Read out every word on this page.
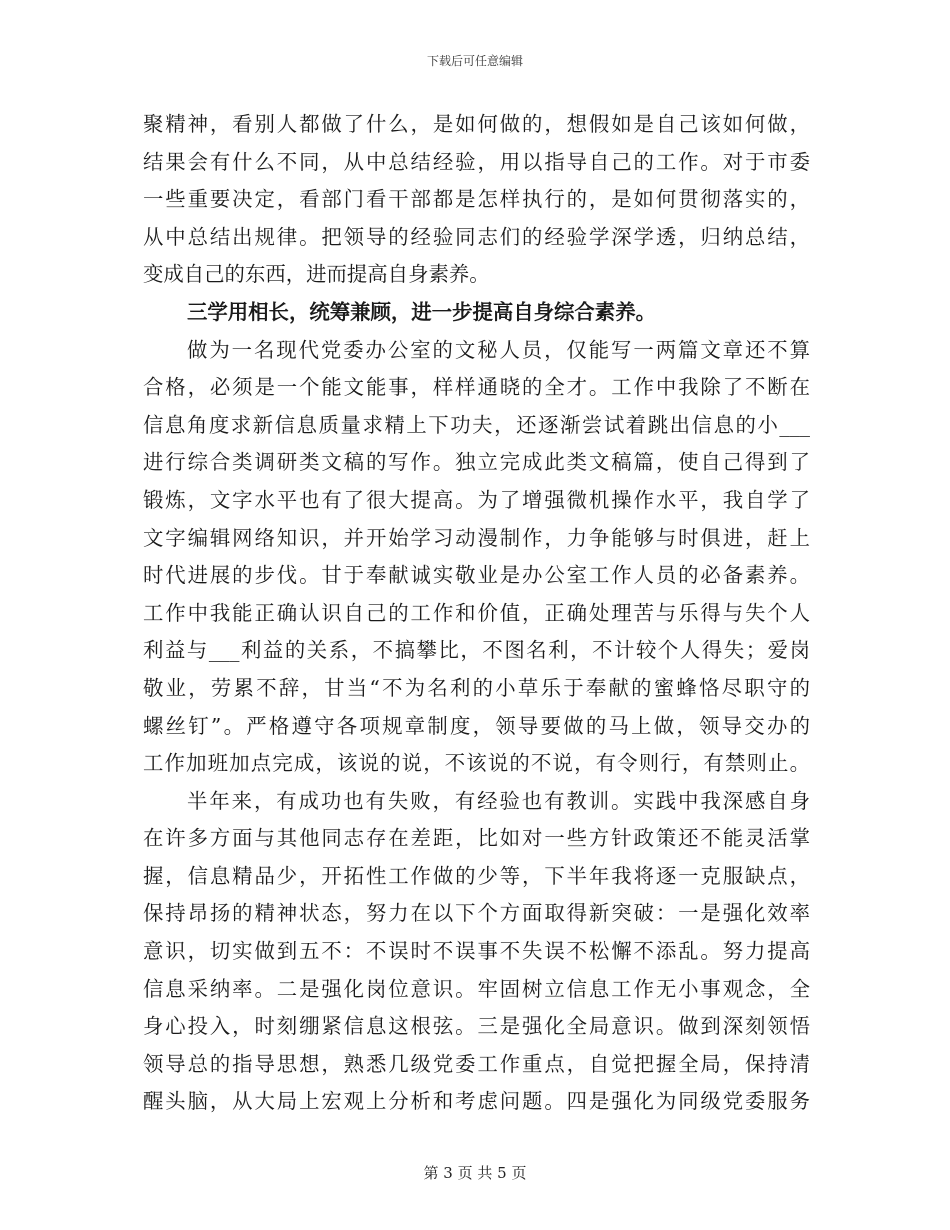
下载后可任意编辑
聚精神，看别人都做了什么，是如何做的，想假如是自己该如何做，
结果会有什么不同，从中总结经验，用以指导自己的工作。对于市委
一些重要决定，看部门看干部都是怎样执行的，是如何贯彻落实的，
从中总结出规律。把领导的经验同志们的经验学深学透，归纳总结，
变成自己的东西，进而提高自身素养。
三学用相长，统筹兼顾，进一步提高自身综合素养。
做为一名现代党委办公室的文秘人员，仅能写一两篇文章还不算
合格，必须是一个能文能事，样样通晓的全才。工作中我除了不断在
信息角度求新信息质量求精上下功夫，还逐渐尝试着跳出信息的小___
进行综合类调研类文稿的写作。独立完成此类文稿篇，使自己得到了
锻炼，文字水平也有了很大提高。为了增强微机操作水平，我自学了
文字编辑网络知识，并开始学习动漫制作，力争能够与时俱进，赶上
时代进展的步伐。甘于奉献诚实敬业是办公室工作人员的必备素养。
工作中我能正确认识自己的工作和价值，正确处理苦与乐得与失个人
利益与___利益的关系，不搞攀比，不图名利，不计较个人得失；爱岗
敬业，劳累不辞，甘当“不为名利的小草乐于奉献的蜜蜂恪尽职守的
螺丝钉”。严格遵守各项规章制度，领导要做的马上做，领导交办的
工作加班加点完成，该说的说，不该说的不说，有令则行，有禁则止。
半年来，有成功也有失败，有经验也有教训。实践中我深感自身
在许多方面与其他同志存在差距，比如对一些方针政策还不能灵活掌
握，信息精品少，开拓性工作做的少等，下半年我将逐一克服缺点，
保持昂扬的精神状态，努力在以下个方面取得新突破：一是强化效率
意识，切实做到五不：不误时不误事不失误不松懈不添乱。努力提高
信息采纳率。二是强化岗位意识。牢固树立信息工作无小事观念，全
身心投入，时刻绷紧信息这根弦。三是强化全局意识。做到深刻领悟
领导总的指导思想，熟悉几级党委工作重点，自觉把握全局，保持清
醒头脑，从大局上宏观上分析和考虑问题。四是强化为同级党委服务
第 3 页 共 5 页
